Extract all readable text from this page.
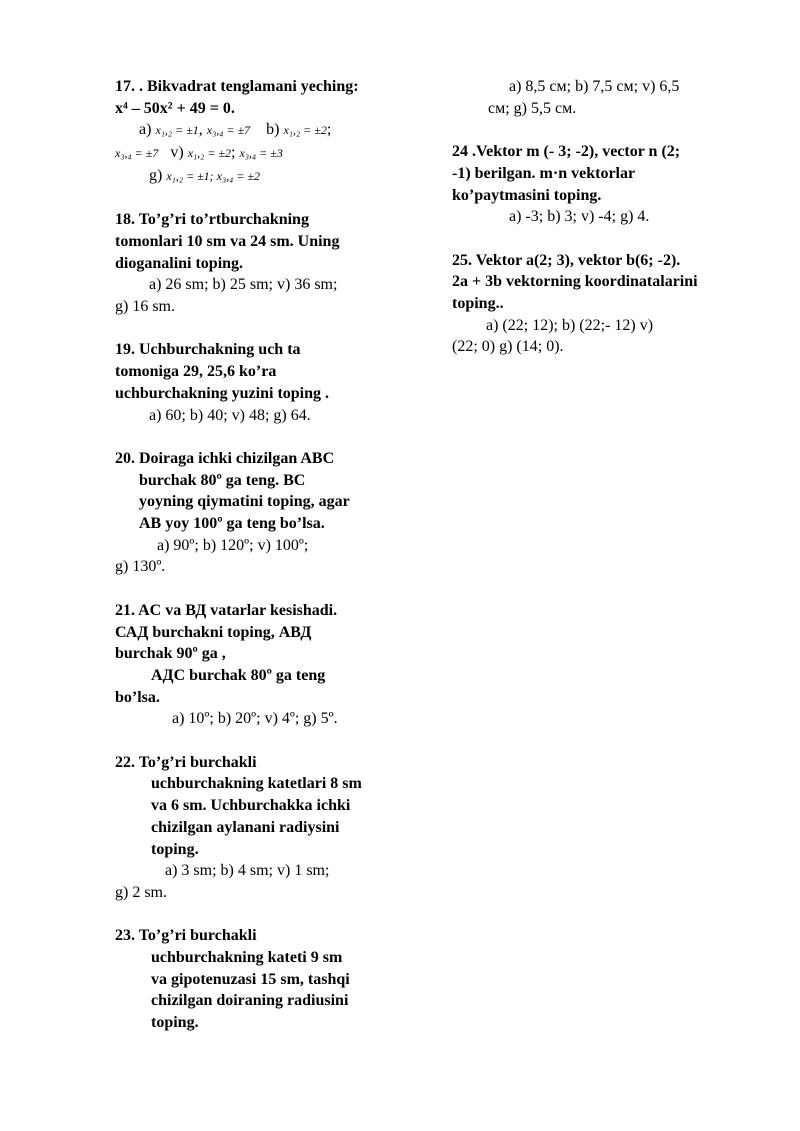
17. . Bikvadrat tenglamani yeching:
x⁴ – 50x² + 49 = 0.
a) x₁,₂ = ±1, x₃,₄ = ±7 b) x₁,₂ = ±2;
x₃,₄ = ±7 v) x₁,₂ = ±2; x₃,₄ = ±3
g) x₁,₂ = ±1; x₃,₄ = ±2
18. To’g’ri to’rtburchakning
tomonlari 10 sm va 24 sm. Uning
dioganalini toping.
a) 26 sm; b) 25 sm; v) 36 sm;
g) 16 sm.
19. Uchburchakning uch ta
tomoniga 29, 25,6 ko’ra
uchburchakning yuzini toping .
a) 60; b) 40; v) 48; g) 64.
20. Doiraga ichki chizilgan ABC
burchak 80º ga teng. BC
yoyning qiymatini toping, agar
AB yoy 100º ga teng bo’lsa.
a) 90º; b) 120º; v) 100º;
g) 130º.
21. AC va ВД vatarlar kesishadi.
САД burchakni toping, АВД
burchak 90º ga ,
АДС burchak 80º ga teng
bo’lsa.
a) 10º; b) 20º; v) 4º; g) 5º.
22. To’g’ri burchakli
uchburchakning katetlari 8 sm
va 6 sm. Uchburchakka ichki
chizilgan aylanani radiysini
toping.
a) 3 sm; b) 4 sm; v) 1 sm;
g) 2 sm.
23. To’g’ri burchakli
uchburchakning kateti 9 sm
va gipotenuzasi 15 sm, tashqi
chizilgan doiraning radiusini
toping.
a) 8,5 см; b) 7,5 см; v) 6,5
см; g) 5,5 см.
24 .Vektor m (- 3; -2), vector n (2;
-1) berilgan. m·n vektorlar
ko’paytmasini toping.
a) -3; b) 3; v) -4; g) 4.
25. Vektor a(2; 3), vektor b(6; -2).
2a + 3b vektorning koordinatalarini
toping..
a) (22; 12); b) (22;- 12) v)
(22; 0) g) (14; 0).
